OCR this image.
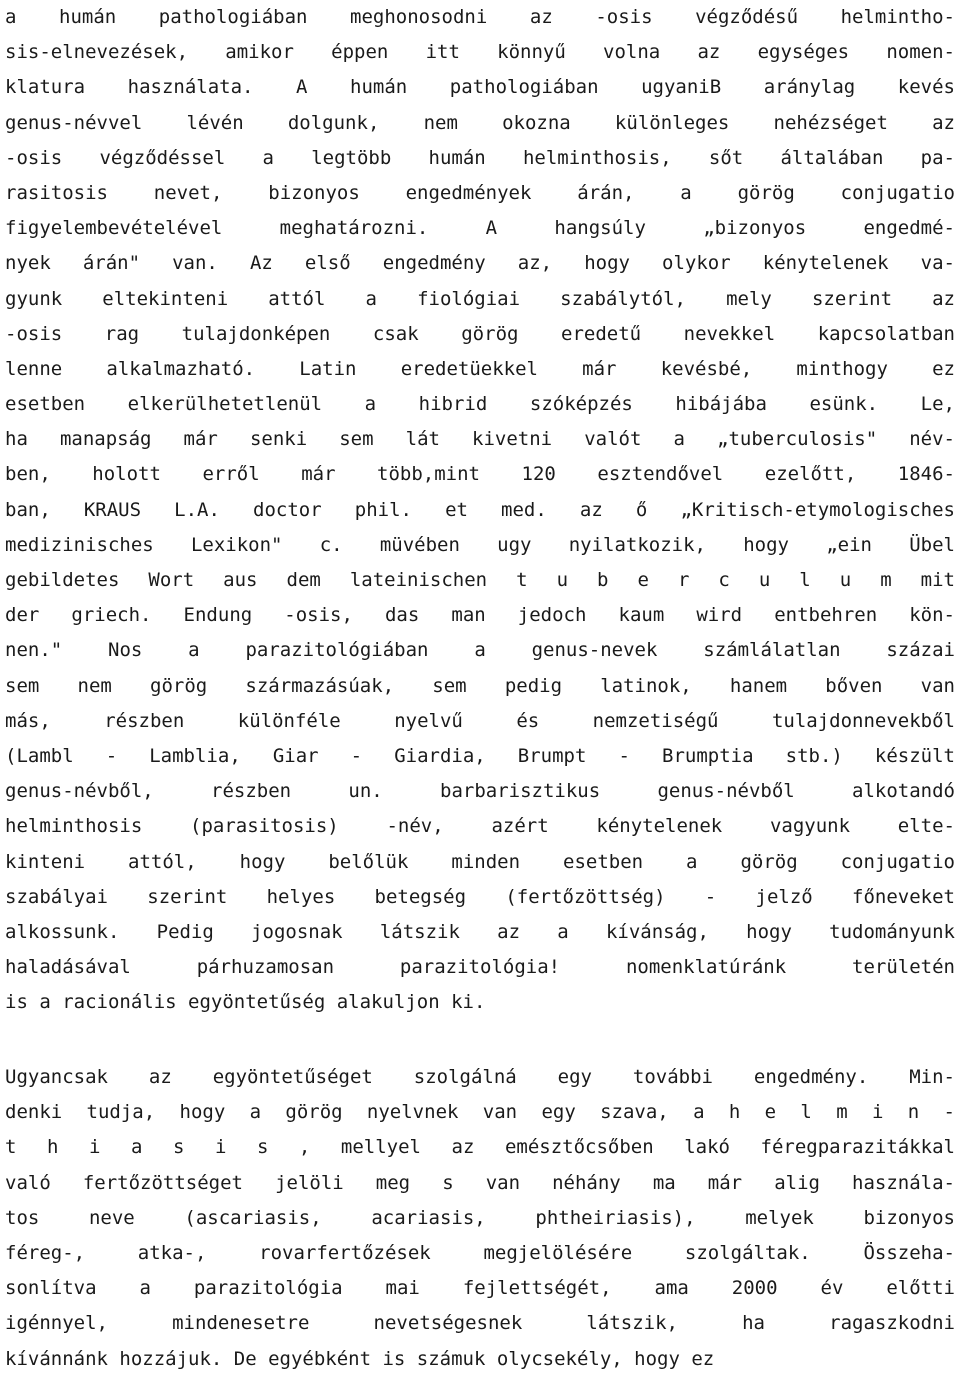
a humán pathologiában meghonosodni az -osis végződésű helmintho-
sis-elnevezések, amikor éppen itt könnyű volna az egységes nomen-
klatura használata. A humán pathologiában ugyaniB aránylag kevés
genus-névvel lévén dolgunk, nem okozna különleges nehézséget az
-osis végződéssel a legtöbb humán helminthosis, sőt általában pa-
rasitosis nevet, bizonyos engedmények árán, a görög conjugatio
figyelembevételével meghatározni. A hangsúly „bizonyos engedmé-
nyek árán" van. Az első engedmény az, hogy olykor kénytelenek va-
gyunk eltekinteni attól a fiológiai szabálytól, mely szerint az
-osis rag tulajdonképen csak görög eredetű nevekkel kapcsolatban
lenne alkalmazható. Latin eredetüekkel már kevésbé, minthogy ez
esetben elkerülhetetlenül a hibrid szóképzés hibájába esünk. Le,
ha manapság már senki sem lát kivetni valót a „tuberculosis" név-
ben, holott erről már több,mint 120 esztendővel ezelőtt, 1846-
ban, KRAUS L.A. doctor phil. et med. az ő „Kritisch-etymologisches
medizinisches Lexikon" c. müvében ugy nyilatkozik, hogy „ein Übel
gebildetes Wort aus dem lateinischen t u b e r c u l u m mit
der griech. Endung -osis, das man jedoch kaum wird entbehren kön-
nen." Nos a parazitológiában a genus-nevek számlálatlan százai
sem nem görög származásúak, sem pedig latinok, hanem bőven van
más, részben különféle nyelvű és nemzetiségű tulajdonnevekből
(Lambl - Lamblia, Giar - Giardia, Brumpt - Brumptia stb.) készült
genus-névből, részben un. barbarisztikus genus-névből alkotandó
helminthosis (parasitosis) -név, azért kénytelenek vagyunk elte-
kinteni attól, hogy belőlük minden esetben a görög conjugatio
szabályai szerint helyes betegség (fertőzöttség) - jelző főneveket
alkossunk. Pedig jogosnak látszik az a kívánság, hogy tudományunk
haladásával párhuzamosan parazitológia! nomenklatúránk területén
is a racionális egyöntetűség alakuljon ki.
Ugyancsak az egyöntetűséget szolgálná egy további engedmény. Min-
denki tudja, hogy a görög nyelvnek van egy szava, a h e l m i n -
t h i a s i s , mellyel az emésztőcsőben lakó féregparazitákkal
való fertőzöttséget jelöli meg s van néhány ma már alig használa-
tos neve (ascariasis, acariasis, phtheiriasis), melyek bizonyos
féreg-, atka-, rovarfertőzések megjelölésére szolgáltak. Összeha-
sonlítva a parazitológia mai fejlettségét, ama 2000 év előtti
igénnyel, mindenesetre nevetségesnek látszik, ha ragaszkodni
kívánnánk hozzájuk. De egyébként is számuk olycsekély, hogy ez
